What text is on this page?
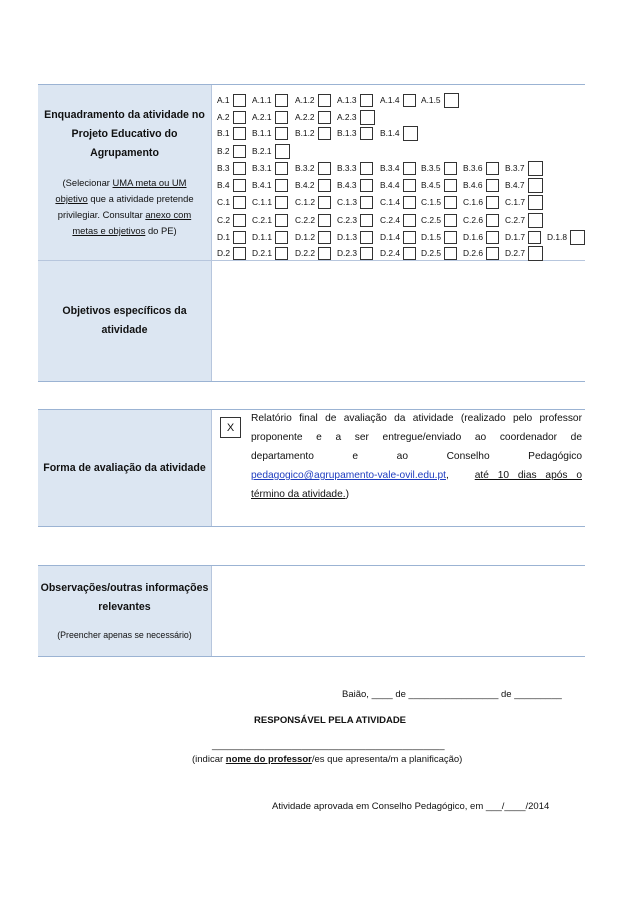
Enquadramento da atividade no
Projeto Educativo do
Agrupamento
(Selecionar UMA meta ou UM
objetivo que a atividade pretende
privilegiar. Consultar anexo com
metas e objetivos do PE)
A.1	A.1.1	A.1.2	A.1.3	A.1.4	A.1.5
A.2	A.2.1	A.2.2	A.2.3
B.1	B.1.1	B.1.2	B.1.3	B.1.4
B.2	B.2.1
B.3	B.3.1	B.3.2	B.3.3	B.3.4	B.3.5	B.3.6	B.3.7
B.4	B.4.1	B.4.2	B.4.3	B.4.4	B.4.5	B.4.6	B.4.7
C.1	C.1.1	C.1.2	C.1.3	C.1.4 C.1.5	C.1.6	C.1.7
C.2	C.2.1	C.2.2	C.2.3	C.2.4 C.2.5	C.2.6	C.2.7
D.1	D.1.1	D.1.2	D.1.3	D.1.4 D.1.5	D.1.6	D.1.7	D.1.8
D.2	D.2.1	D.2.2	D.2.3	D.2.4 D.2.5	D.2.6	D.2.7
Objetivos específicos da
atividade
Forma de avaliação da atividade
X
Relatório final de avaliação da atividade (realizado pelo professor
proponente e a ser entregue/enviado ao coordenador de
departamento e ao Conselho Pedagógico
pedagogico@agrupamento-vale-ovil.edu.pt,	até 10 dias após o
término da atividade.)
Observações/outras informações
relevantes
(Preencher apenas se necessário)
Baião, ____ de _________________ de _________
RESPONSÁVEL PELA ATIVIDADE
____________________________________________
(indicar nome do professor/es que apresenta/m a planificação)
Atividade aprovada em Conselho Pedagógico, em ___/____/2014
